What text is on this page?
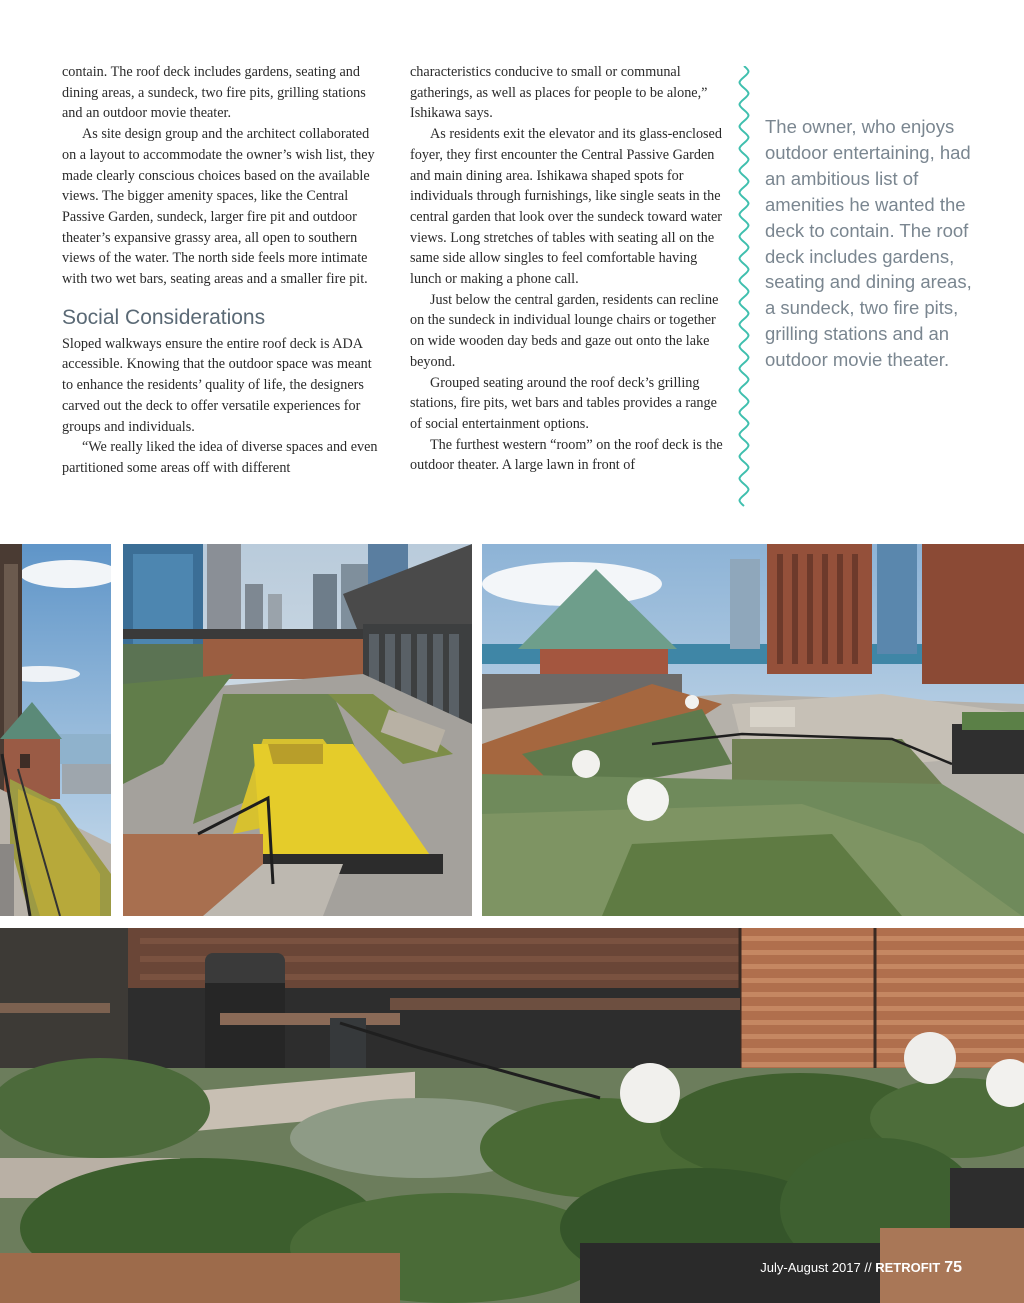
contain. The roof deck includes gardens, seating and dining areas, a sundeck, two fire pits, grilling stations and an outdoor movie theater.

As site design group and the architect collaborated on a layout to accommodate the owner’s wish list, they made clearly conscious choices based on the available views. The bigger amenity spaces, like the Central Passive Garden, sundeck, larger fire pit and outdoor theater’s expansive grassy area, all open to southern views of the water. The north side feels more intimate with two wet bars, seating areas and a smaller fire pit.

Social Considerations

Sloped walkways ensure the entire roof deck is ADA accessible. Knowing that the outdoor space was meant to enhance the residents’ quality of life, the designers carved out the deck to offer versatile experiences for groups and individuals.

“We really liked the idea of diverse spaces and even partitioned some areas off with different

characteristics conducive to small or communal gatherings, as well as places for people to be alone,” Ishikawa says.

As residents exit the elevator and its glass-enclosed foyer, they first encounter the Central Passive Garden and main dining area. Ishikawa shaped spots for individuals through furnishings, like single seats in the central garden that look over the sundeck toward water views. Long stretches of tables with seating all on the same side allow singles to feel comfortable having lunch or making a phone call.

Just below the central garden, residents can recline on the sundeck in individual lounge chairs or together on wide wooden day beds and gaze out onto the lake beyond.

Grouped seating around the roof deck’s grilling stations, fire pits, wet bars and tables provides a range of social entertainment options.

The furthest western “room” on the roof deck is the outdoor theater. A large lawn in front of

The owner, who enjoys outdoor entertaining, had an ambitious list of amenities he wanted the deck to contain. The roof deck includes gardens, seating and dining areas, a sundeck, two fire pits, grilling stations and an outdoor movie theater.
July-August 2017 // RETROFIT 75
